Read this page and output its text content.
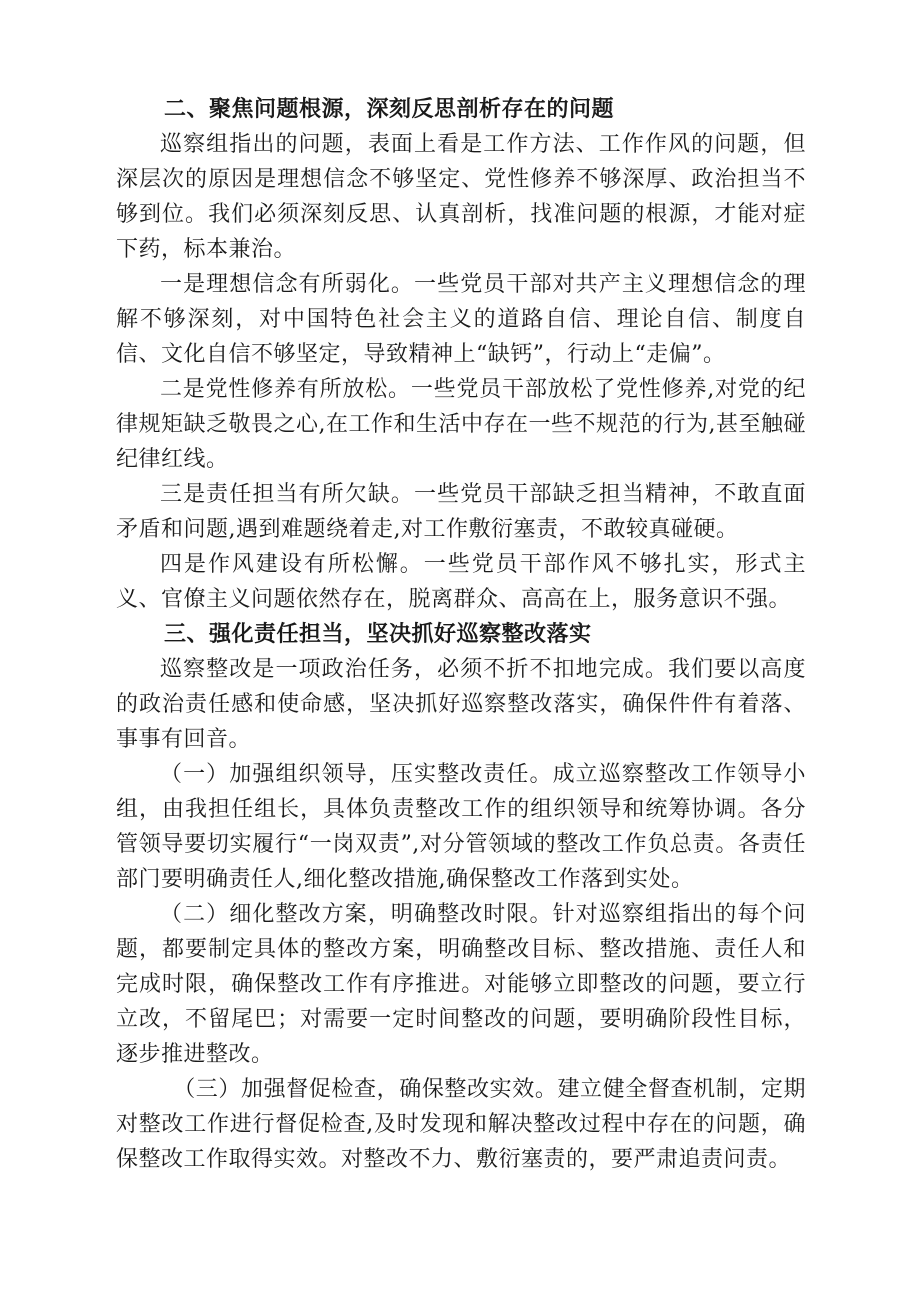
二、聚焦问题根源，深刻反思剖析存在的问题

巡察组指出的问题，表面上看是工作方法、工作作风的问题，但深层次的原因是理想信念不够坚定、党性修养不够深厚、政治担当不够到位。我们必须深刻反思、认真剖析，找准问题的根源，才能对症下药，标本兼治。

一是理想信念有所弱化。一些党员干部对共产主义理想信念的理解不够深刻，对中国特色社会主义的道路自信、理论自信、制度自信、文化自信不够坚定，导致精神上“缺钙”，行动上“走偏”。

二是党性修养有所放松。一些党员干部放松了党性修养,对党的纪律规矩缺乏敬畏之心,在工作和生活中存在一些不规范的行为,甚至触碰纪律红线。

三是责任担当有所欠缺。一些党员干部缺乏担当精神，不敢直面矛盾和问题,遇到难题绕着走,对工作敷衍塞责，不敢较真碰硬。

四是作风建设有所松懈。一些党员干部作风不够扎实，形式主义、官僚主义问题依然存在，脱离群众、高高在上，服务意识不强。

三、强化责任担当，坚决抓好巡察整改落实

巡察整改是一项政治任务，必须不折不扣地完成。我们要以高度的政治责任感和使命感，坚决抓好巡察整改落实，确保件件有着落、事事有回音。

（一）加强组织领导，压实整改责任。成立巡察整改工作领导小组，由我担任组长，具体负责整改工作的组织领导和统筹协调。各分管领导要切实履行“一岗双责”,对分管领域的整改工作负总责。各责任部门要明确责任人,细化整改措施,确保整改工作落到实处。

（二）细化整改方案，明确整改时限。针对巡察组指出的每个问题，都要制定具体的整改方案，明确整改目标、整改措施、责任人和完成时限，确保整改工作有序推进。对能够立即整改的问题，要立行立改，不留尾巴；对需要一定时间整改的问题，要明确阶段性目标，逐步推进整改。

（三）加强督促检查，确保整改实效。建立健全督查机制，定期对整改工作进行督促检查,及时发现和解决整改过程中存在的问题，确保整改工作取得实效。对整改不力、敷衍塞责的，要严肃追责问责。
